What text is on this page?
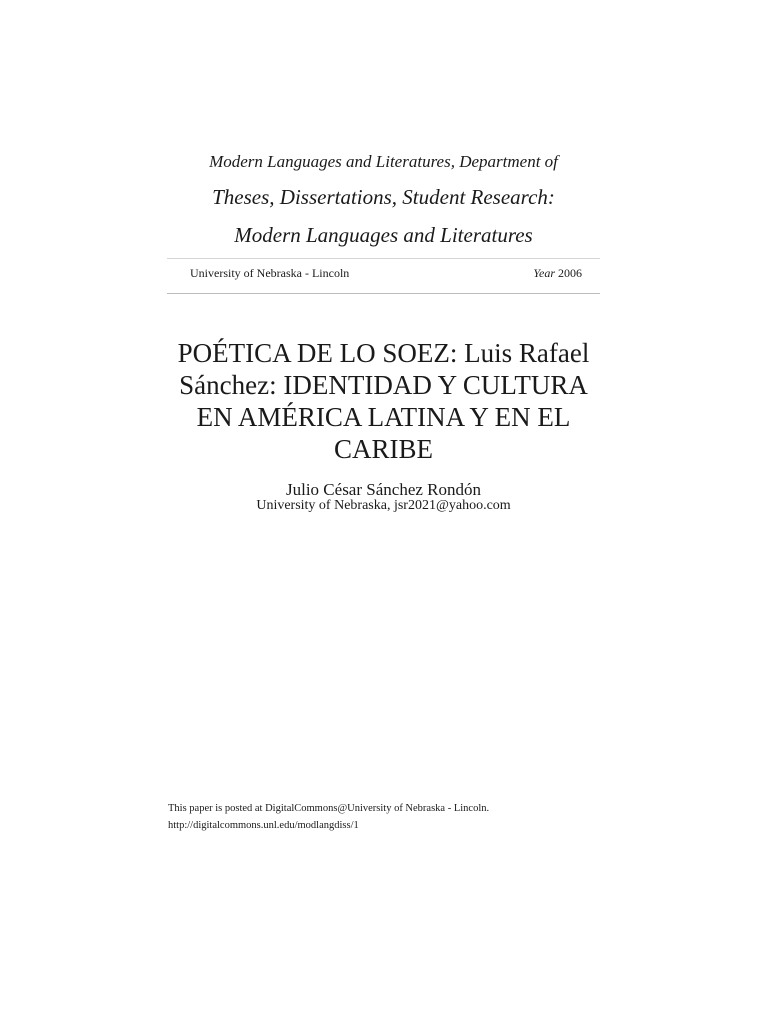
Modern Languages and Literatures, Department of

Theses, Dissertations, Student Research:
Modern Languages and Literatures

University of Nebraska - Lincoln	Year 2006
POÉTICA DE LO SOEZ: Luis Rafael Sánchez: IDENTIDAD Y CULTURA EN AMÉRICA LATINA Y EN EL CARIBE
Julio César Sánchez Rondón
University of Nebraska, jsr2021@yahoo.com
This paper is posted at DigitalCommons@University of Nebraska - Lincoln.
http://digitalcommons.unl.edu/modlangdiss/1
